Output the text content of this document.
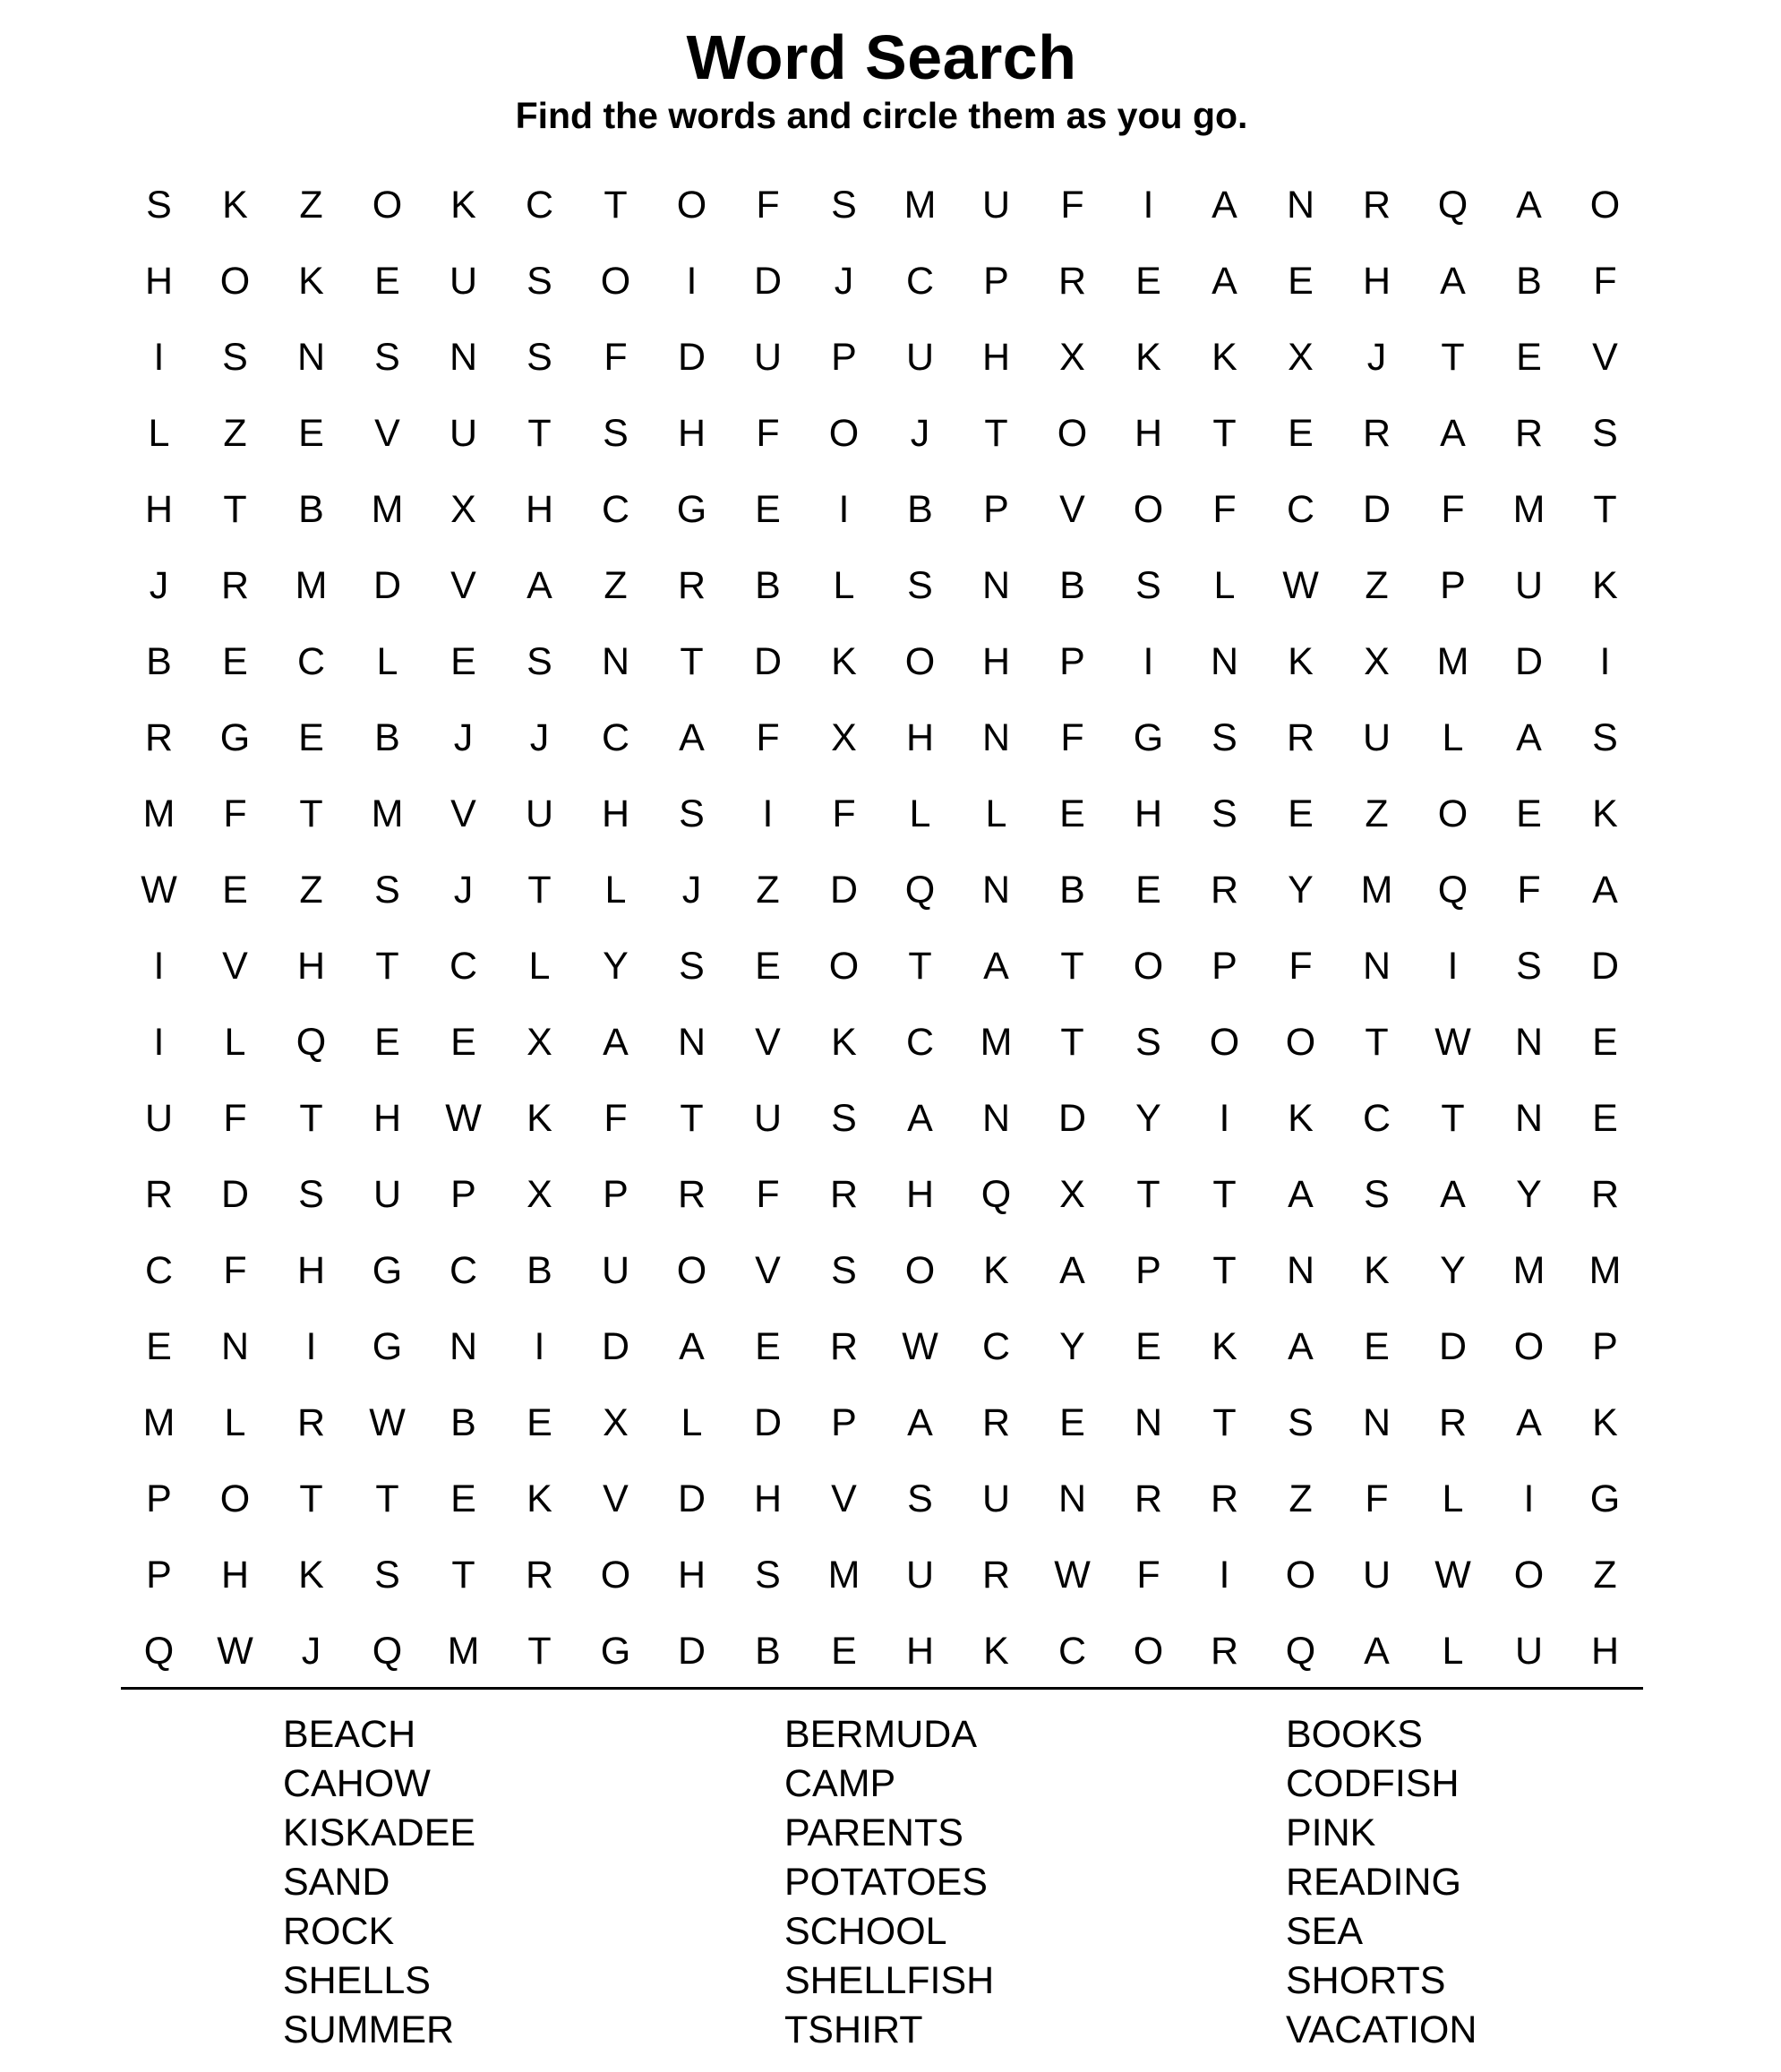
Word Search
Find the words and circle them as you go.
S	K	Z	O	K	C	T	O	F	S	M	U	F	I	A	N	R	Q	A	O
H	O	K	E	U	S	O	I	D	J	C	P	R	E	A	E	H	A	B	F
I	S	N	S	N	S	F	D	U	P	U	H	X	K	K	X	J	T	E	V
L	Z	E	V	U	T	S	H	F	O	J	T	O	H	T	E	R	A	R	S
H	T	B	M	X	H	C	G	E	I	B	P	V	O	F	C	D	F	M	T
J	R	M	D	V	A	Z	R	B	L	S	N	B	S	L	W	Z	P	U	K
B	E	C	L	E	S	N	T	D	K	O	H	P	I	N	K	X	M	D	I
R	G	E	B	J	J	C	A	F	X	H	N	F	G	S	R	U	L	A	S
M	F	T	M	V	U	H	S	I	F	L	L	E	H	S	E	Z	O	E	K
W	E	Z	S	J	T	L	J	Z	D	Q	N	B	E	R	Y	M	Q	F	A
I	V	H	T	C	L	Y	S	E	O	T	A	T	O	P	F	N	I	S	D
I	L	Q	E	E	X	A	N	V	K	C	M	T	S	O	O	T	W	N	E
U	F	T	H	W	K	F	T	U	S	A	N	D	Y	I	K	C	T	N	E
R	D	S	U	P	X	P	R	F	R	H	Q	X	T	T	A	S	A	Y	R
C	F	H	G	C	B	U	O	V	S	O	K	A	P	T	N	K	Y	M	M
E	N	I	G	N	I	D	A	E	R	W	C	Y	E	K	A	E	D	O	P
M	L	R	W	B	E	X	L	D	P	A	R	E	N	T	S	N	R	A	K
P	O	T	T	E	K	V	D	H	V	S	U	N	R	R	Z	F	L	I	G
P	H	K	S	T	R	O	H	S	M	U	R	W	F	I	O	U	W	O	Z
Q	W	J	Q	M	T	G	D	B	E	H	K	C	O	R	Q	A	L	U	H
BEACH	BERMUDA	BOOKS
CAHOW	CAMP	CODFISH
KISKADEE	PARENTS	PINK
SAND	POTATOES	READING
ROCK	SCHOOL	SEA
SHELLS	SHELLFISH	SHORTS
SUMMER	TSHIRT	VACATION
